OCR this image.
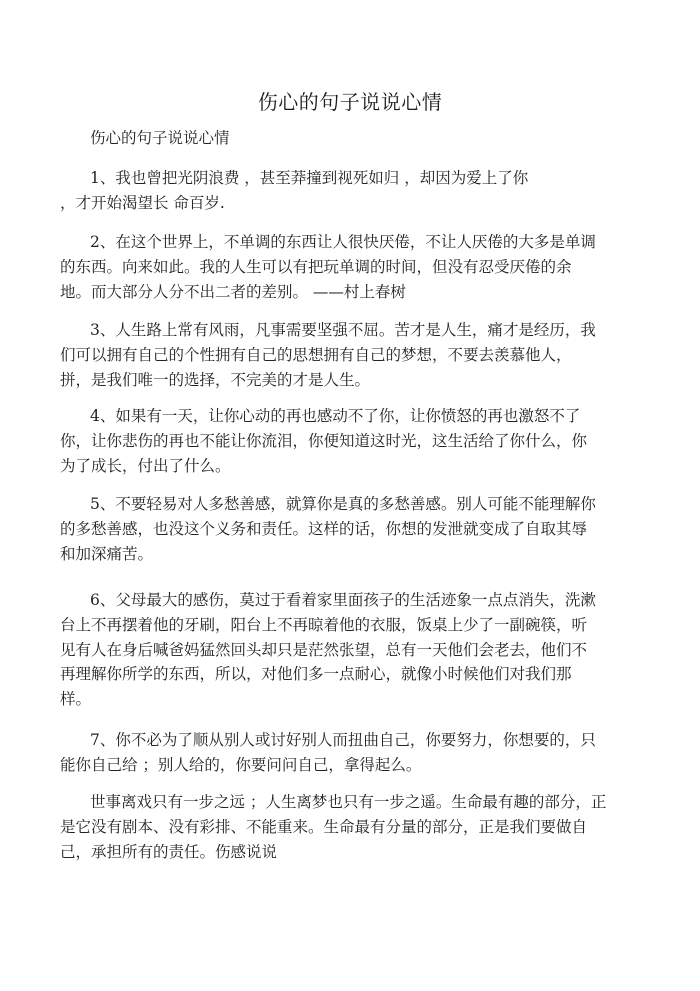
伤心的句子说说心情
伤心的句子说说心情
1、我也曾把光阴浪费 ，甚至莽撞到视死如归 ，却因为爱上了你
，才开始渴望长 命百岁.
2、在这个世界上，不单调的东西让人很快厌倦，不让人厌倦的大多是单调
的东西。向来如此。我的人生可以有把玩单调的时间，但没有忍受厌倦的余
地。而大部分人分不出二者的差别。 ——村上春树
3、人生路上常有风雨，凡事需要坚强不屈。苦才是人生，痛才是经历，我
们可以拥有自己的个性拥有自己的思想拥有自己的梦想，不要去羡慕他人，
拼，是我们唯一的选择，不完美的才是人生。
4、如果有一天，让你心动的再也感动不了你，让你愤怒的再也激怒不了
你，让你悲伤的再也不能让你流泪，你便知道这时光，这生活给了你什么，你
为了成长，付出了什么。
5、不要轻易对人多愁善感，就算你是真的多愁善感。别人可能不能理解你
的多愁善感，也没这个义务和责任。这样的话，你想的发泄就变成了自取其辱
和加深痛苦。
6、父母最大的感伤，莫过于看着家里面孩子的生活迹象一点点消失，洗漱
台上不再摆着他的牙刷，阳台上不再晾着他的衣服，饭桌上少了一副碗筷，听
见有人在身后喊爸妈猛然回头却只是茫然张望，总有一天他们会老去，他们不
再理解你所学的东西，所以，对他们多一点耐心，就像小时候他们对我们那
样。
7、你不必为了顺从别人或讨好别人而扭曲自己，你要努力，你想要的，只
能你自己给 ；别人给的，你要问问自己，拿得起么。
世事离戏只有一步之远 ；人生离梦也只有一步之遥。生命最有趣的部分，正
是它没有剧本、没有彩排、不能重来。生命最有分量的部分，正是我们要做自
己，承担所有的责任。伤感说说
